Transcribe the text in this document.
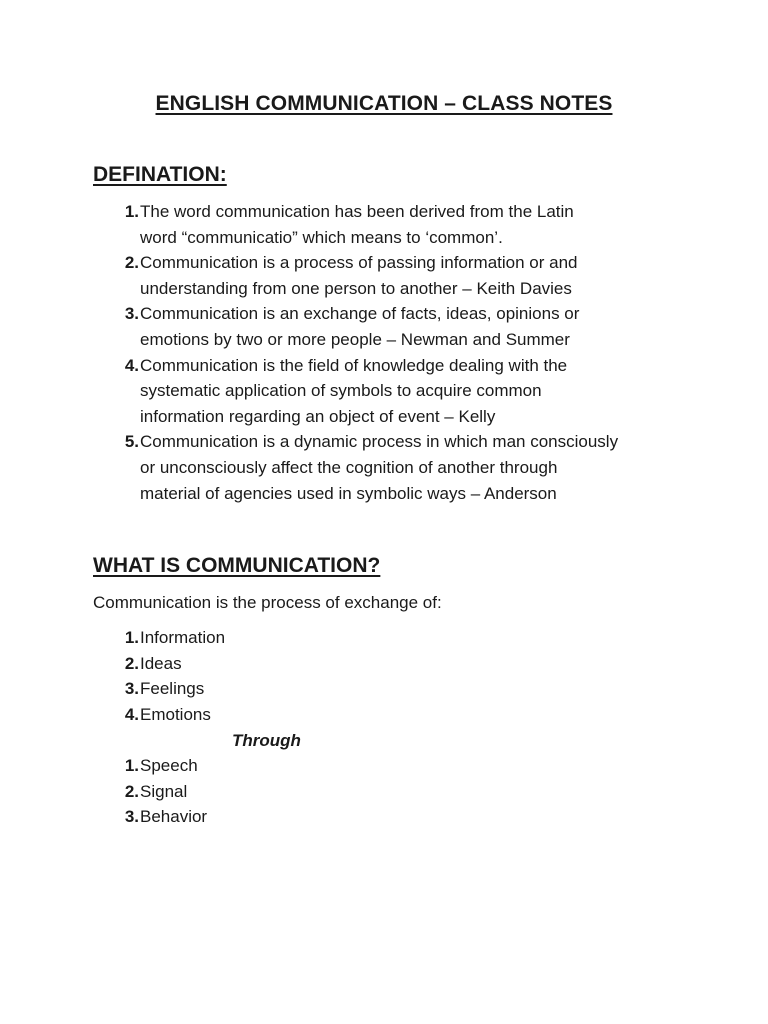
ENGLISH COMMUNICATION – CLASS NOTES
DEFINATION:
1. The word communication has been derived from the Latin
word “communicatio” which means to ‘common’.
2. Communication is a process of passing information or and
understanding from one person to another – Keith Davies
3. Communication is an exchange of facts, ideas, opinions or
emotions by two or more people – Newman and Summer
4. Communication is the field of knowledge dealing with the
systematic application of symbols to acquire common
information regarding an object of event – Kelly
5. Communication is a dynamic process in which man consciously
or unconsciously affect the cognition of another through
material of agencies used in symbolic ways – Anderson
WHAT IS COMMUNICATION?

Communication is the process of exchange of:

1. Information
2. Ideas
3. Feelings
4. Emotions

Through

1. Speech
2. Signal
3. Behavior
